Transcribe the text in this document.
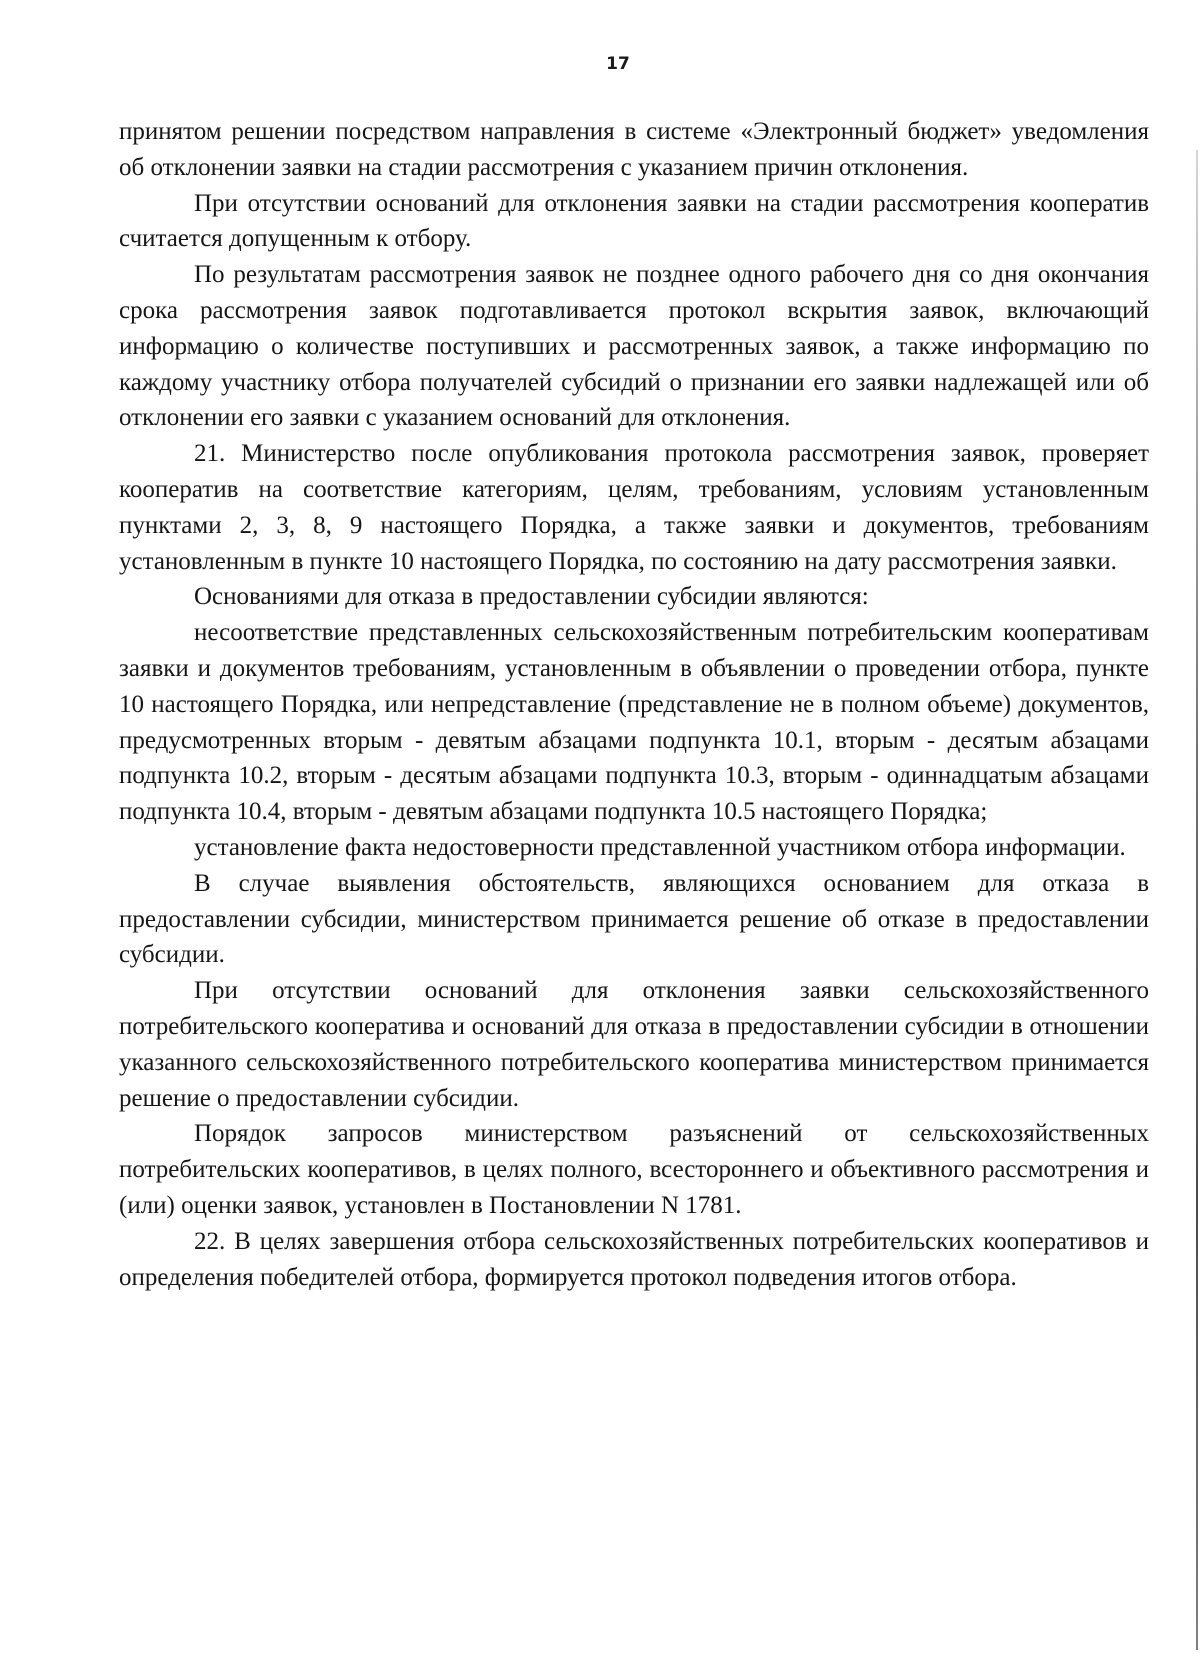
17

принятом решении посредством направления в системе «Электронный бюджет» уведомления об отклонении заявки на стадии рассмотрения с указанием причин отклонения.

При отсутствии оснований для отклонения заявки на стадии рассмотрения кооператив считается допущенным к отбору.

По результатам рассмотрения заявок не позднее одного рабочего дня со дня окончания срока рассмотрения заявок подготавливается протокол вскрытия заявок, включающий информацию о количестве поступивших и рассмотренных заявок, а также информацию по каждому участнику отбора получателей субсидий о признании его заявки надлежащей или об отклонении его заявки с указанием оснований для отклонения.

21. Министерство после опубликования протокола рассмотрения заявок, проверяет кооператив на соответствие категориям, целям, требованиям, условиям установленным пунктами 2, 3, 8, 9 настоящего Порядка, а также заявки и документов, требованиям установленным в пункте 10 настоящего Порядка, по состоянию на дату рассмотрения заявки.

Основаниями для отказа в предоставлении субсидии являются:

несоответствие представленных сельскохозяйственным потребительским кооперативам заявки и документов требованиям, установленным в объявлении о проведении отбора, пункте 10 настоящего Порядка, или непредставление (представление не в полном объеме) документов, предусмотренных вторым - девятым абзацами подпункта 10.1, вторым - десятым абзацами подпункта 10.2, вторым - десятым абзацами подпункта 10.3, вторым - одиннадцатым абзацами подпункта 10.4, вторым - девятым абзацами подпункта 10.5 настоящего Порядка;

установление факта недостоверности представленной участником отбора информации.

В случае выявления обстоятельств, являющихся основанием для отказа в предоставлении субсидии, министерством принимается решение об отказе в предоставлении субсидии.

При отсутствии оснований для отклонения заявки сельскохозяйственного потребительского кооператива и оснований для отказа в предоставлении субсидии в отношении указанного сельскохозяйственного потребительского кооператива министерством принимается решение о предоставлении субсидии.

Порядок запросов министерством разъяснений от сельскохозяйственных потребительских кооперативов, в целях полного, всестороннего и объективного рассмотрения и (или) оценки заявок, установлен в Постановлении N 1781.

22. В целях завершения отбора сельскохозяйственных потребительских кооперативов и определения победителей отбора, формируется протокол подведения итогов отбора.
